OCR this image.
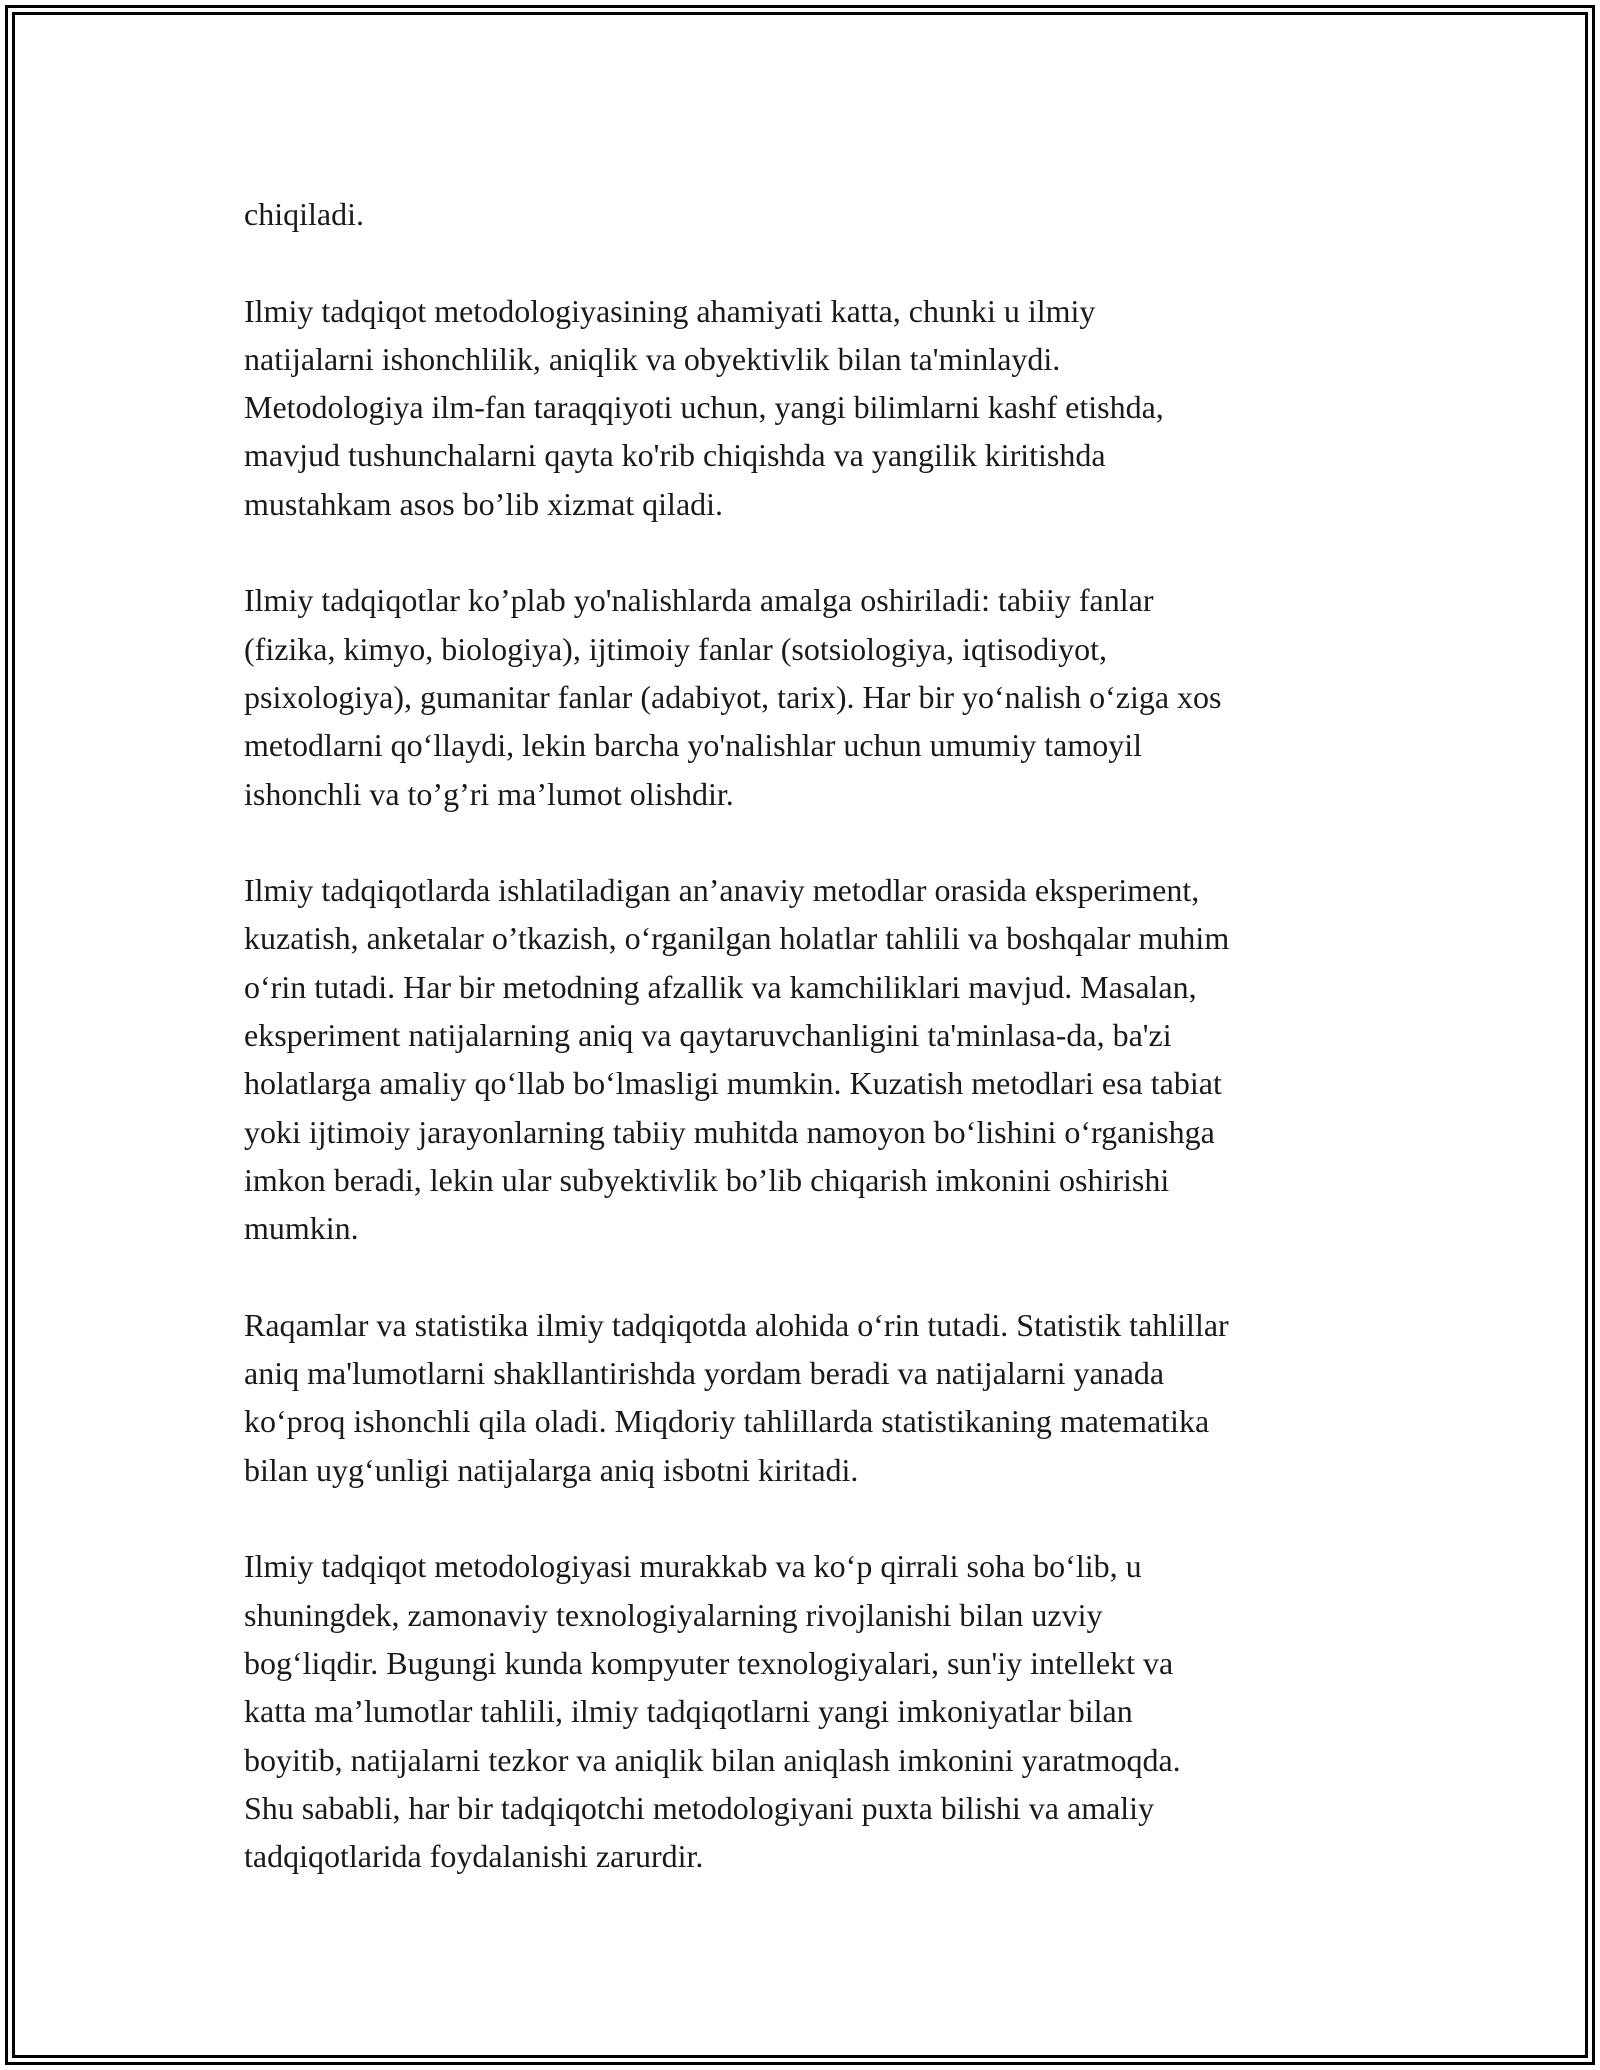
chiqiladi.

Ilmiy tadqiqot metodologiyasining ahamiyati katta, chunki u ilmiy
natijalarni ishonchlilik, aniqlik va obyektivlik bilan ta'minlaydi.
Metodologiya ilm-fan taraqqiyoti uchun, yangi bilimlarni kashf etishda,
mavjud tushunchalarni qayta ko'rib chiqishda va yangilik kiritishda
mustahkam asos bo’lib xizmat qiladi.

Ilmiy tadqiqotlar ko’plab yo'nalishlarda amalga oshiriladi: tabiiy fanlar
(fizika, kimyo, biologiya), ijtimoiy fanlar (sotsiologiya, iqtisodiyot,
psixologiya), gumanitar fanlar (adabiyot, tarix). Har bir yo‘nalish o‘ziga xos
metodlarni qo‘llaydi, lekin barcha yo'nalishlar uchun umumiy tamoyil
ishonchli va to’g’ri ma’lumot olishdir.

Ilmiy tadqiqotlarda ishlatiladigan an’anaviy metodlar orasida eksperiment,
kuzatish, anketalar o’tkazish, o‘rganilgan holatlar tahlili va boshqalar muhim
o‘rin tutadi. Har bir metodning afzallik va kamchiliklari mavjud. Masalan,
eksperiment natijalarning aniq va qaytaruvchanligini ta'minlasa-da, ba'zi
holatlarga amaliy qo‘llab bo‘lmasligi mumkin. Kuzatish metodlari esa tabiat
yoki ijtimoiy jarayonlarning tabiiy muhitda namoyon bo‘lishini o‘rganishga
imkon beradi, lekin ular subyektivlik bo’lib chiqarish imkonini oshirishi
mumkin.

Raqamlar va statistika ilmiy tadqiqotda alohida o‘rin tutadi. Statistik tahlillar
aniq ma'lumotlarni shakllantirishda yordam beradi va natijalarni yanada
ko‘proq ishonchli qila oladi. Miqdoriy tahlillarda statistikaning matematika
bilan uyg‘unligi natijalarga aniq isbotni kiritadi.

Ilmiy tadqiqot metodologiyasi murakkab va ko‘p qirrali soha bo‘lib, u
shuningdek, zamonaviy texnologiyalarning rivojlanishi bilan uzviy
bog‘liqdir. Bugungi kunda kompyuter texnologiyalari, sun'iy intellekt va
katta ma’lumotlar tahlili, ilmiy tadqiqotlarni yangi imkoniyatlar bilan
boyitib, natijalarni tezkor va aniqlik bilan aniqlash imkonini yaratmoqda.
Shu sababli, har bir tadqiqotchi metodologiyani puxta bilishi va amaliy
tadqiqotlarida foydalanishi zarurdir.
